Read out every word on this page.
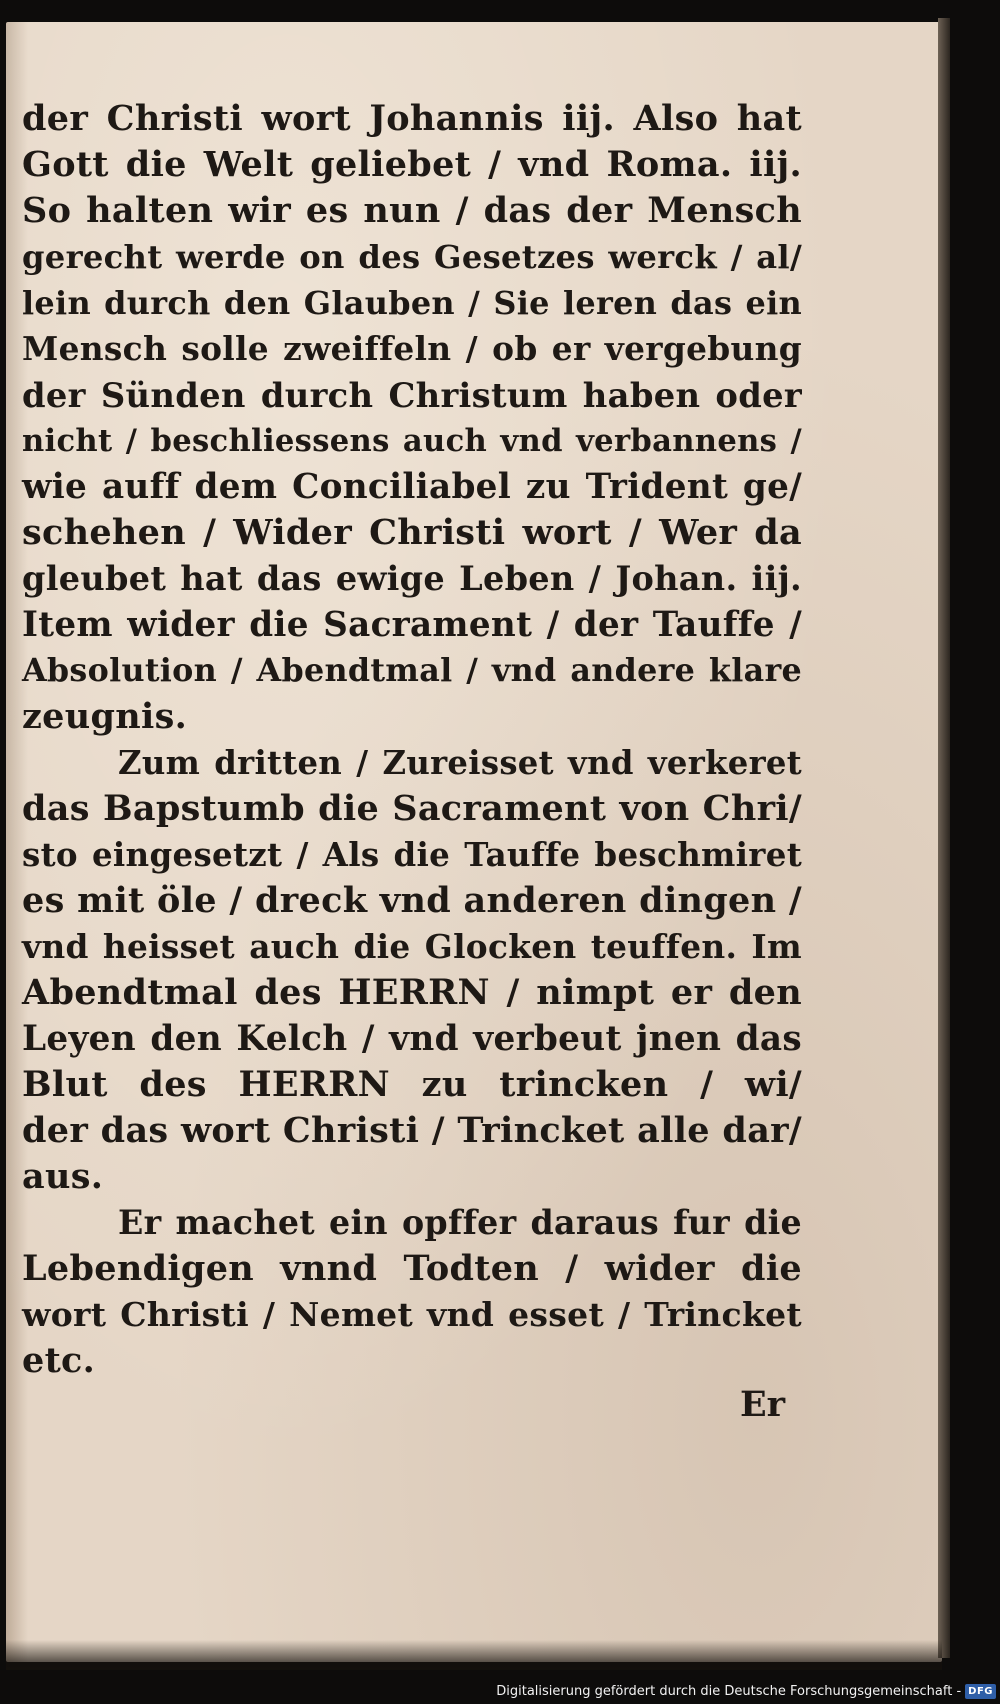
der Christi wort Johannis iij. Also hat
Gott die Welt geliebet / vnd Roma. iij.
So halten wir es nun / das der Mensch
gerecht werde on des Gesetzes werck / al/
lein durch den Glauben / Sie leren das ein
Mensch solle zweiffeln / ob er vergebung
der Sünden durch Christum haben oder
nicht / beschliessens auch vnd verbannens /
wie auff dem Conciliabel zu Trident ge/
schehen / Wider Christi wort / Wer da
gleubet hat das ewige Leben / Johan. iij.
Item wider die Sacrament / der Tauffe /
Absolution / Abendtmal / vnd andere klare
zeugnis.
Zum dritten / Zureisset vnd verkeret
das Bapstumb die Sacrament von Chri/
sto eingesetzt / Als die Tauffe beschmiret
es mit öle / dreck vnd anderen dingen /
vnd heisset auch die Glocken teuffen. Im
Abendtmal des HERRN / nimpt er den
Leyen den Kelch / vnd verbeut jnen das
Blut des HERRN zu trincken / wi/
der das wort Christi / Trincket alle dar/
aus.
Er machet ein opffer daraus fur die
Lebendigen vnnd Todten / wider die
wort Christi / Nemet vnd esset / Trincket
etc.
Er
Digitalisierung gefördert durch die Deutsche Forschungsgemeinschaft - DFG
